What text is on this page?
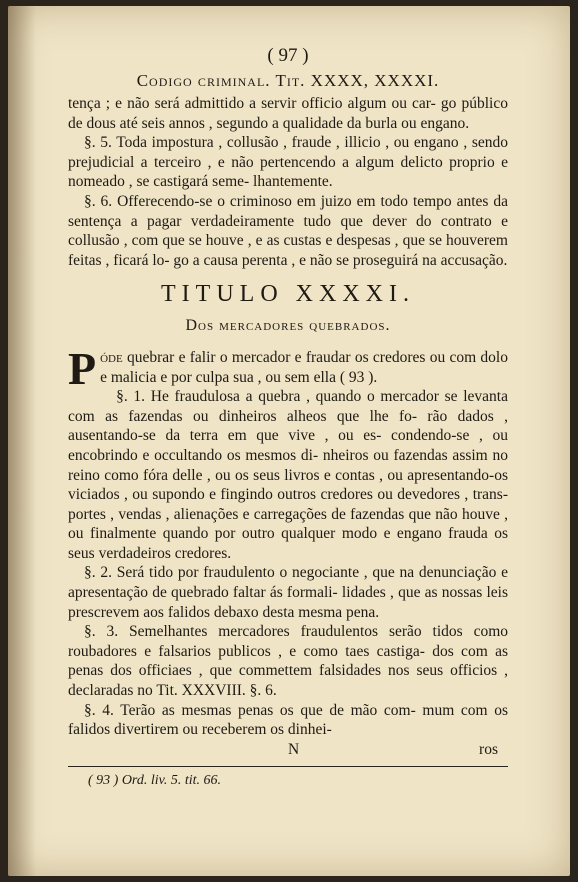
( 97 )
Codigo criminal. Tit. XXXX, XXXXI.

tença ; e não será admittido a servir officio algum ou car- go público de dous até seis annos , segundo a qualidade da burla ou engano.

§. 5. Toda impostura , collusão , fraude , illicio , ou engano , sendo prejudicial a terceiro , e não pertencendo a algum delicto proprio e nomeado , se castigará seme- lhantemente.

§. 6. Offerecendo-se o criminoso em juizo em todo tempo antes da sentença a pagar verdadeiramente tudo que dever do contrato e collusão , com que se houve , e as custas e despesas , que se houverem feitas , ficará lo- go a causa perenta , e não se proseguirá na accusação.

TITULO XXXXI.
Dos mercadores quebrados.

Póde quebrar e falir o mercador e fraudar os credores ou com dolo e malicia e por culpa sua , ou sem ella ( 93 ).

§. 1. He fraudulosa a quebra , quando o mercador se levanta com as fazendas ou dinheiros alheos que lhe fo- rão dados , ausentando-se da terra em que vive , ou es- condendo-se , ou encobrindo e occultando os mesmos di- nheiros ou fazendas assim no reino como fóra delle , ou os seus livros e contas , ou apresentando-os viciados , ou supondo e fingindo outros credores ou devedores , trans- portes , vendas , alienações e carregações de fazendas que não houve , ou finalmente quando por outro qualquer modo e engano frauda os seus verdadeiros credores.

§. 2. Será tido por fraudulento o negociante , que na denunciação e apresentação de quebrado faltar ás formali- lidades , que as nossas leis prescrevem aos falidos debaxo desta mesma pena.

§. 3. Semelhantes mercadores fraudulentos serão tidos como roubadores e falsarios publicos , e como taes castiga- dos com as penas dos officiaes , que commettem falsidades nos seus officios , declaradas no Tit. XXXVIII. §. 6.

§. 4. Terão as mesmas penas os que de mão com- mum com os falidos divertirem ou receberem os dinhei-

N	ros
( 93 ) Ord. liv. 5. tit. 66.
